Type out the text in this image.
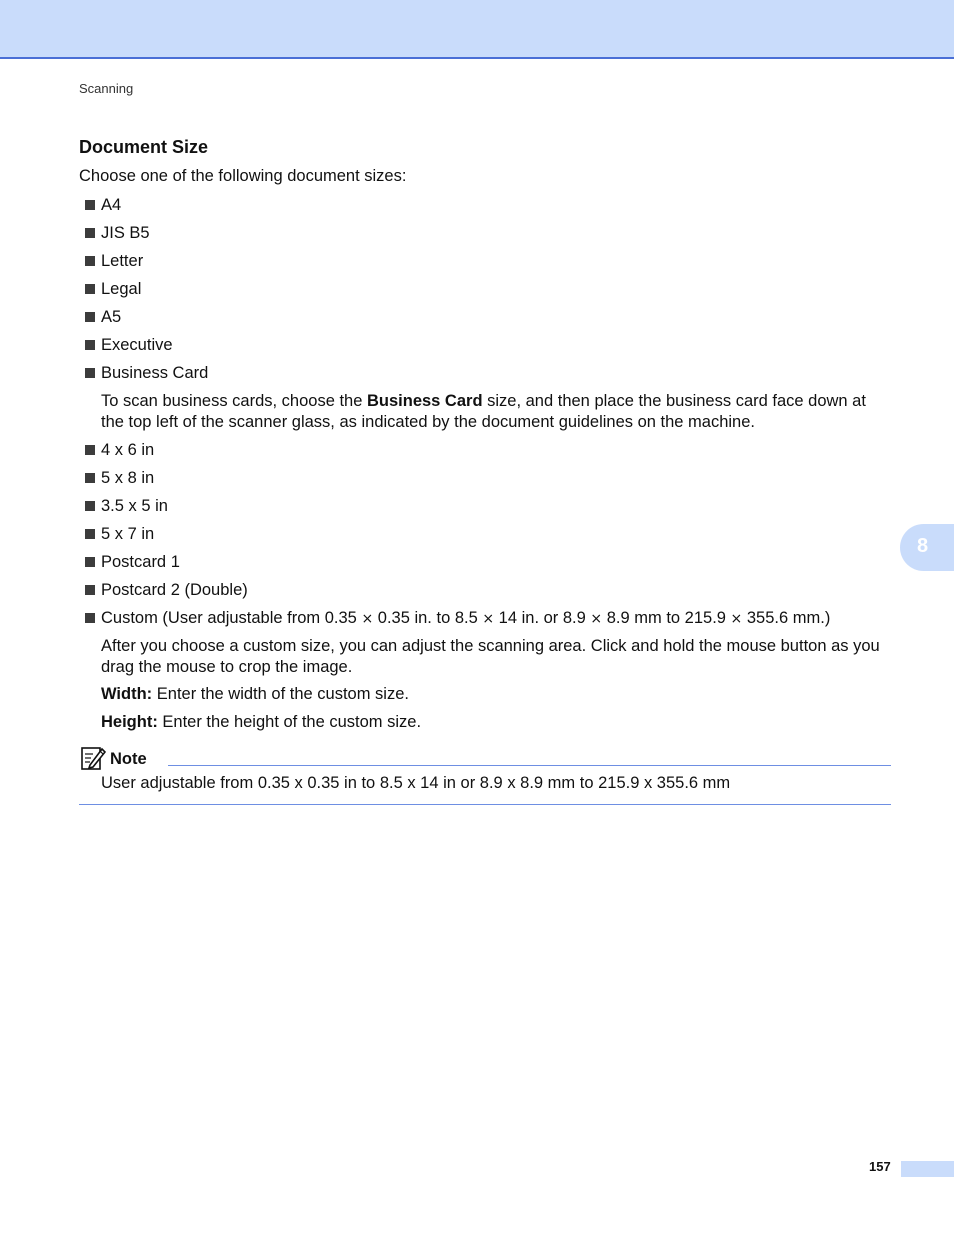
Scanning
Document Size
Choose one of the following document sizes:
A4
JIS B5
Letter
Legal
A5
Executive
Business Card
To scan business cards, choose the Business Card size, and then place the business card face down at the top left of the scanner glass, as indicated by the document guidelines on the machine.
4 x 6 in
5 x 8 in
3.5 x 5 in
5 x 7 in
Postcard 1
Postcard 2 (Double)
Custom (User adjustable from 0.35 × 0.35 in. to 8.5 × 14 in. or 8.9 × 8.9 mm to 215.9 × 355.6 mm.)
After you choose a custom size, you can adjust the scanning area. Click and hold the mouse button as you drag the mouse to crop the image.
Width: Enter the width of the custom size.
Height: Enter the height of the custom size.
Note
User adjustable from 0.35 x 0.35 in to 8.5 x 14 in or 8.9 x 8.9 mm to 215.9 x 355.6 mm
8
157
